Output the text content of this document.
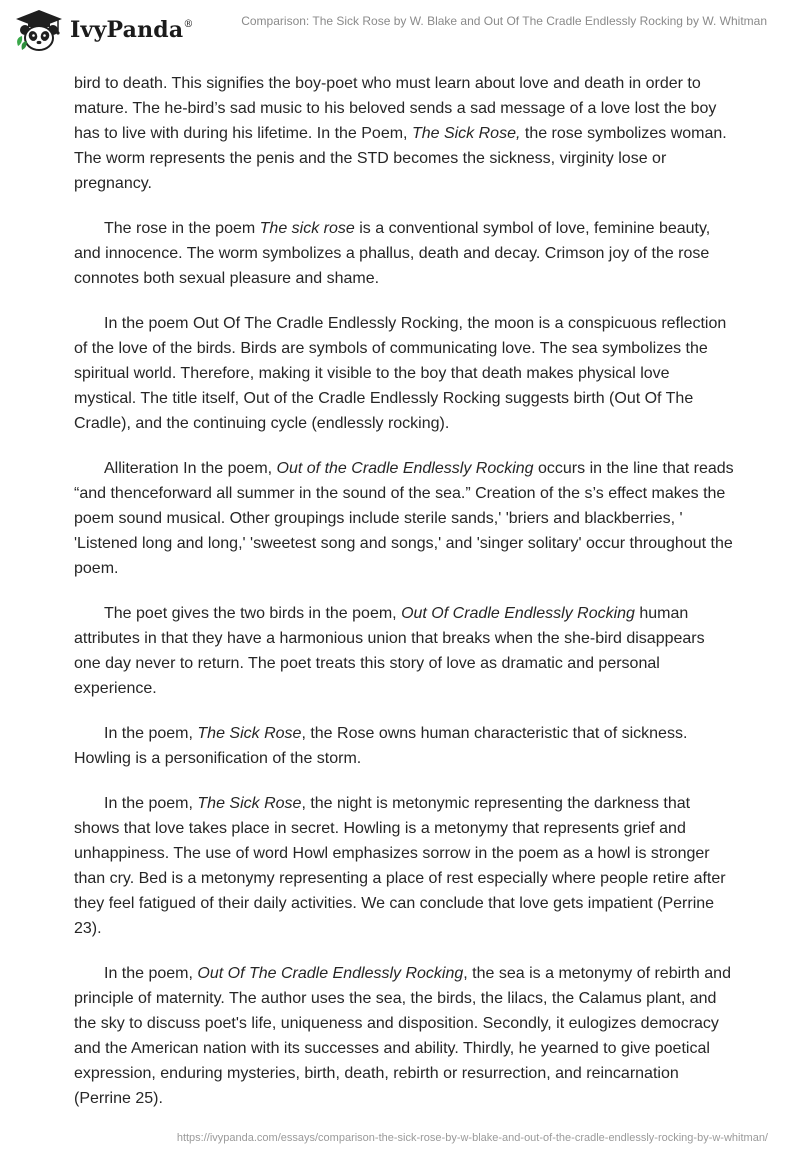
IvyPanda®	Comparison: The Sick Rose by W. Blake and Out Of The Cradle Endlessly Rocking by W. Whitman

bird to death. This signifies the boy-poet who must learn about love and death in order to mature. The he-bird’s sad music to his beloved sends a sad message of a love lost the boy has to live with during his lifetime. In the Poem, The Sick Rose, the rose symbolizes woman. The worm represents the penis and the STD becomes the sickness, virginity lose or pregnancy.

The rose in the poem The sick rose is a conventional symbol of love, feminine beauty, and innocence. The worm symbolizes a phallus, death and decay. Crimson joy of the rose connotes both sexual pleasure and shame.

In the poem Out Of The Cradle Endlessly Rocking, the moon is a conspicuous reflection of the love of the birds. Birds are symbols of communicating love. The sea symbolizes the spiritual world. Therefore, making it visible to the boy that death makes physical love mystical. The title itself, Out of the Cradle Endlessly Rocking suggests birth (Out Of The Cradle), and the continuing cycle (endlessly rocking).

Alliteration In the poem, Out of the Cradle Endlessly Rocking occurs in the line that reads “and thenceforward all summer in the sound of the sea.” Creation of the s’s effect makes the poem sound musical. Other groupings include sterile sands,' 'briers and blackberries, ' 'Listened long and long,' 'sweetest song and songs,' and 'singer solitary' occur throughout the poem.

The poet gives the two birds in the poem, Out Of Cradle Endlessly Rocking human attributes in that they have a harmonious union that breaks when the she-bird disappears one day never to return. The poet treats this story of love as dramatic and personal experience.

In the poem, The Sick Rose, the Rose owns human characteristic that of sickness. Howling is a personification of the storm.

In the poem, The Sick Rose, the night is metonymic representing the darkness that shows that love takes place in secret. Howling is a metonymy that represents grief and unhappiness. The use of word Howl emphasizes sorrow in the poem as a howl is stronger than cry. Bed is a metonymy representing a place of rest especially where people retire after they feel fatigued of their daily activities. We can conclude that love gets impatient (Perrine 23).

In the poem, Out Of The Cradle Endlessly Rocking, the sea is a metonymy of rebirth and principle of maternity. The author uses the sea, the birds, the lilacs, the Calamus plant, and the sky to discuss poet's life, uniqueness and disposition. Secondly, it eulogizes democracy and the American nation with its successes and ability. Thirdly, he yearned to give poetical expression, enduring mysteries, birth, death, rebirth or resurrection, and reincarnation (Perrine 25).

https://ivypanda.com/essays/comparison-the-sick-rose-by-w-blake-and-out-of-the-cradle-endlessly-rocking-by-w-whitman/
